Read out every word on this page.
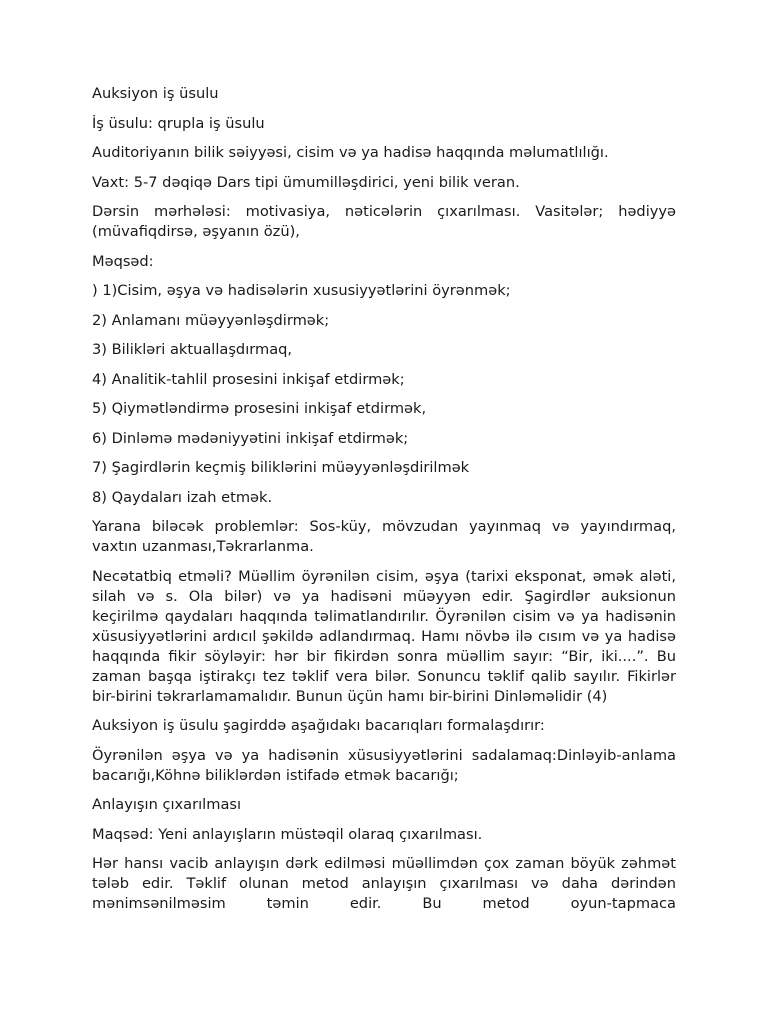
Auksiyon iş üsulu

İş üsulu: qrupla iş üsulu

Auditoriyanın bilik səiyyəsi, cisim və ya hadisə haqqında məlumatlılığı.

Vaxt: 5-7 dəqiqə Dars tipi ümumilləşdirici, yeni bilik veran.

Dərsin mərhələsi: motivasiya, nəticələrin çıxarılması. Vasitələr; hədiyyə (müvafiqdirsə, əşyanın özü),

Məqsəd:

) 1)Cisim, əşya və hadisələrin xususiyyətlərini öyrənmək;

2) Anlamanı müəyyənləşdirmək;

3) Bilikləri aktuallaşdırmaq,

4) Analitik-tahlil prosesini inkişaf etdirmək;

5) Qiymətləndirmə prosesini inkişaf etdirmək,

6) Dinləmə mədəniyyətini inkişaf etdirmək;

7) Şagirdlərin keçmiş biliklərini müəyyənləşdirilmək

8) Qaydaları izah etmək.

Yarana biləcək problemlər: Sos-küy, mövzudan yayınmaq və yayındırmaq, vaxtın uzanması,Təkrarlanma.

Necətatbiq etməli? Müəllim öyrənilən cisim, əşya (tarixi eksponat, əmək aləti, silah və s. Ola bilər) və ya hadisəni müəyyən edir. Şagirdlər auksionun keçirilmə qaydaları haqqında təlimatlandırılır. Öyrənilən cisim və ya hadisənin xüsusiyyətlərini ardıcıl şəkildə adlandırmaq. Hamı növbə ilə cısım və ya hadisə haqqında fikir söyləyir: hər bir fikirdən sonra müəllim sayır: “Bir, iki....”. Bu zaman başqa iştirakçı tez təklif vera bilər. Sonuncu təklif qalib sayılır. Fikirlər bir-birini təkrarlamamalıdır. Bunun üçün hamı bir-birini Dinləməlidir (4)

Auksiyon iş üsulu şagirddə aşağıdakı bacarıqları formalaşdırır:

Öyrənilən əşya və ya hadisənin xüsusiyyətlərini sadalamaq:Dinləyib-anlama bacarığı,Köhnə biliklərdən istifadə etmək bacarığı;

Anlayışın çıxarılması

Maqsəd: Yeni anlayışların müstəqil olaraq çıxarılması.

Hər hansı vacib anlayışın dərk edilməsi müəllimdən çox zaman böyük zəhmət tələb edir. Təklif olunan metod anlayışın çıxarılması və daha dərindən mənimsənilməsim təmin edir. Bu metod oyun-tapmaca
